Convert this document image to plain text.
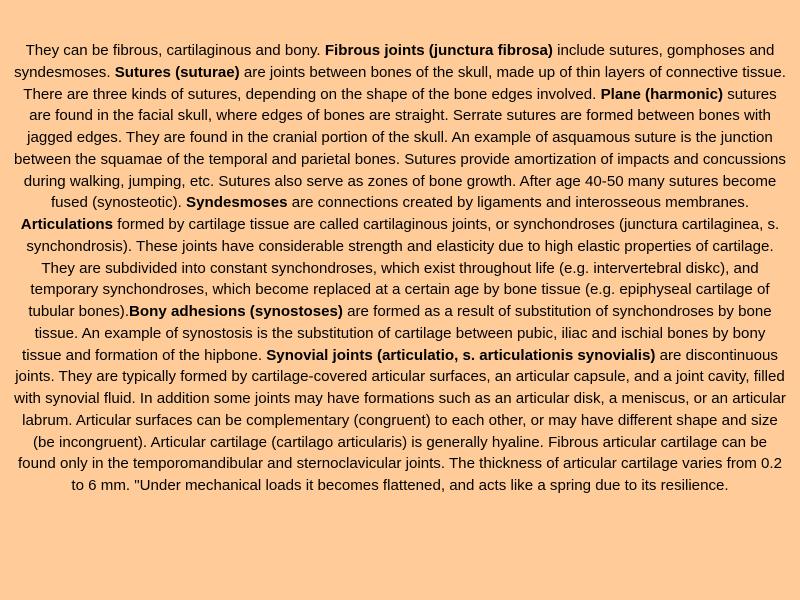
They can be fibrous, cartilaginous and bony. Fibrous joints (junctura fibrosa) include sutures, gomphoses and syndesmoses. Sutures (suturae) are joints between bones of the skull, made up of thin layers of connective tissue. There are three kinds of sutures, depending on the shape of the bone edges involved. Plane (harmonic) sutures are found in the facial skull, where edges of bones are straight. Serrate sutures are formed between bones with jagged edges. They are found in the cranial portion of the skull. An example of asquamous suture is the junction between the squamae of the temporal and parietal bones. Sutures provide amortization of impacts and concussions during walking, jumping, etc. Sutures also serve as zones of bone growth. After age 40-50 many sutures become fused (synosteotic). Syndesmoses are connections created by ligaments and interosseous membranes. Articulations formed by cartilage tissue are called cartilaginous joints, or synchondroses (junctura cartilaginea, s. synchondrosis). These joints have considerable strength and elasticity due to high elastic properties of cartilage. They are subdivided into constant synchondroses, which exist throughout life (e.g. intervertebral diskc), and temporary synchondroses, which become replaced at a certain age by bone tissue (e.g. epiphyseal cartilage of tubular bones).Bony adhesions (synostoses) are formed as a result of substitution of synchondroses by bone tissue. An example of synostosis is the substitution of cartilage between pubic, iliac and ischial bones by bony tissue and formation of the hipbone. Synovial joints (articulatio, s. articulationis synovialis) are discontinuous joints. They are typically formed by cartilage-covered articular surfaces, an articular capsule, and a joint cavity, filled with synovial fluid. In addition some joints may have formations such as an articular disk, a meniscus, or an articular labrum. Articular surfaces can be complementary (congruent) to each other, or may have different shape and size (be incongruent). Articular cartilage (cartilago articularis) is generally hyaline. Fibrous articular cartilage can be found only in the temporomandibular and sternoclavicular joints. The thickness of articular cartilage varies from 0.2 to 6 mm. "Under mechanical loads it becomes flattened, and acts like a spring due to its resilience.
